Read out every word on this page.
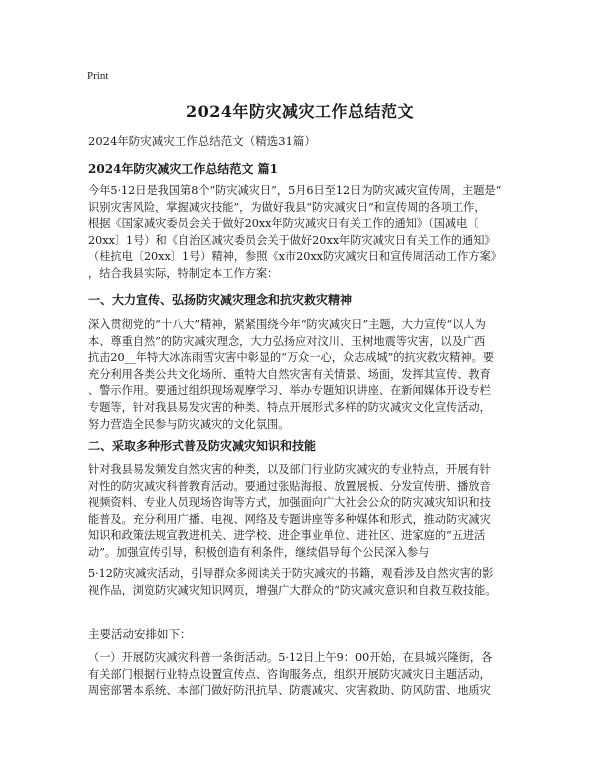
Print
2024年防灾减灾工作总结范文
2024年防灾减灾工作总结范文（精选31篇）
2024年防灾减灾工作总结范文 篇1
今年5·12日是我国第8个“防灾减灾日”，5月6日至12日为防灾减灾宣传周，主题是“
识别灾害风险，掌握减灾技能”，为做好我县“防灾减灾日”和宣传周的各项工作，
根据《国家减灾委员会关于做好20xx年防灾减灾日有关工作的通知》（国减电〔
20xx〕1号）和《自治区减灾委员会关于做好20xx年防灾减灾日有关工作的通知》
（桂抗电〔20xx〕1号）精神，参照《x市20xx防灾减灾日和宣传周活动工作方案》
，结合我县实际，特制定本工作方案：
一、大力宣传、弘扬防灾减灾理念和抗灾救灾精神
深入贯彻党的“十八大”精神，紧紧围绕今年“防灾减灾日”主题，大力宣传“以人为
本、尊重自然”的防灾减灾理念，大力弘扬应对汶川、玉树地震等灾害，以及广西
抗击20__年特大冰冻雨雪灾害中彰显的“万众一心，众志成城”的抗灾救灾精神。要
充分利用各类公共文化场所、重特大自然灾害有关情景、场面，发挥其宣传、教育
、警示作用。要通过组织现场观摩学习、举办专题知识讲座、在新闻媒体开设专栏
专题等，针对我县易发灾害的种类、特点开展形式多样的防灾减灾文化宣传活动，
努力营造全民参与防灾减灾的文化氛围。
二、采取多种形式普及防灾减灾知识和技能
针对我县易发频发自然灾害的种类，以及部门行业防灾减灾的专业特点，开展有针
对性的防灾减灾科普教育活动。要通过张贴海报、放置展板、分发宣传册、播放音
视频资料、专业人员现场咨询等方式，加强面向广大社会公众的防灾减灾知识和技
能普及。充分利用广播、电视、网络及专题讲座等多种媒体和形式，推动防灾减灾
知识和政策法规宣教进机关、进学校、进企事业单位、进社区、进家庭的“五进活
动”。加强宣传引导，积极创造有利条件，继续倡导每个公民深入参与
5·12防灾减灾活动，引导群众多阅读关于防灾减灾的书籍，观看涉及自然灾害的影
视作品，浏览防灾减灾知识网页，增强广大群众的“防灾减灾意识和自救互救技能。
主要活动安排如下：
（一）开展防灾减灾科普一条街活动。5·12日上午9：00开始，在县城兴隆街，各
有关部门根据行业特点设置宣传点、咨询服务点，组织开展防灾减灾日主题活动，
周密部署本系统、本部门做好防汛抗旱、防震减灾、灾害救助、防风防雷、地质灾
